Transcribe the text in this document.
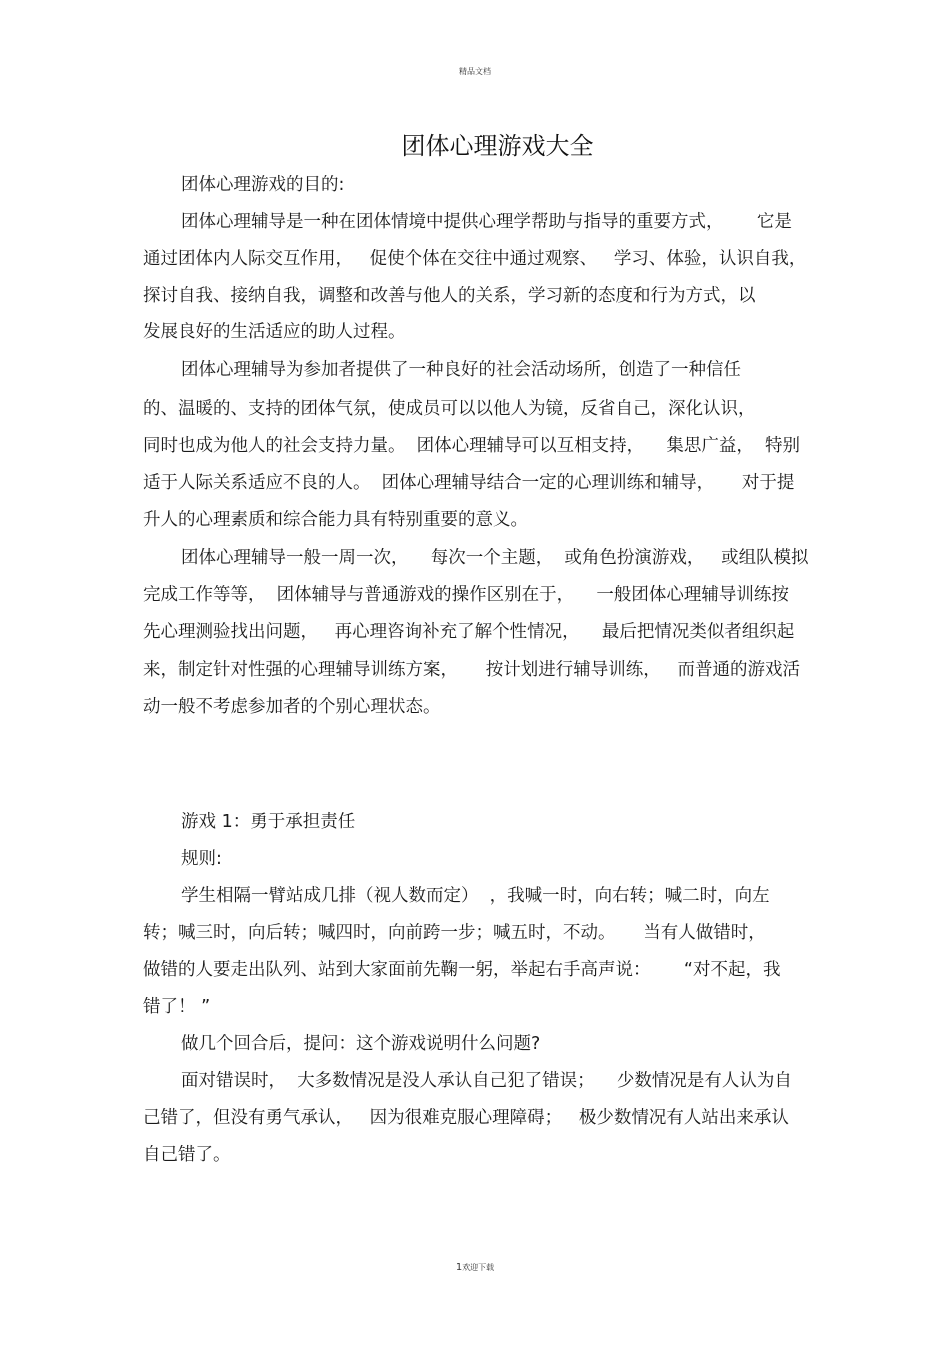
精品文档
团体心理游戏大全
团体心理游戏的目的:
团体心理辅导是一种在团体情境中提供心理学帮助与指导的重要方式，      它是
通过团体内人际交互作用，   促使个体在交往中通过观察、   学习、体验，认识自我，
探讨自我、接纳自我，调整和改善与他人的关系，学习新的态度和行为方式，以
发展良好的生活适应的助人过程。
团体心理辅导为参加者提供了一种良好的社会活动场所，创造了一种信任
的、温暖的、支持的团体气氛，使成员可以以他人为镜，反省自己，深化认识，
同时也成为他人的社会支持力量。  团体心理辅导可以互相支持，    集思广益，  特别
适于人际关系适应不良的人。  团体心理辅导结合一定的心理训练和辅导，     对于提
升人的心理素质和综合能力具有特别重要的意义。
团体心理辅导一般一周一次，    每次一个主题，  或角色扮演游戏，   或组队模拟
完成工作等等，  团体辅导与普通游戏的操作区别在于，    一般团体心理辅导训练按
先心理测验找出问题，   再心理咨询补充了解个性情况，    最后把情况类似者组织起
来，制定针对性强的心理辅导训练方案，     按计划进行辅导训练，   而普通的游戏活
动一般不考虑参加者的个别心理状态。
游戏 1：勇于承担责任
规则:
学生相隔一臂站成几排（视人数而定）  ，我喊一时，向右转；喊二时，向左
转；喊三时，向后转；喊四时，向前跨一步；喊五时，不动。     当有人做错时，
做错的人要走出队列、站到大家面前先鞠一躬，举起右手高声说：      “对不起，我
错了！ ”
做几个回合后，提问：这个游戏说明什么问题?
面对错误时，  大多数情况是没人承认自己犯了错误；    少数情况是有人认为自
己错了，但没有勇气承认，   因为很难克服心理障碍；   极少数情况有人站出来承认
自己错了。
1欢迎下载
